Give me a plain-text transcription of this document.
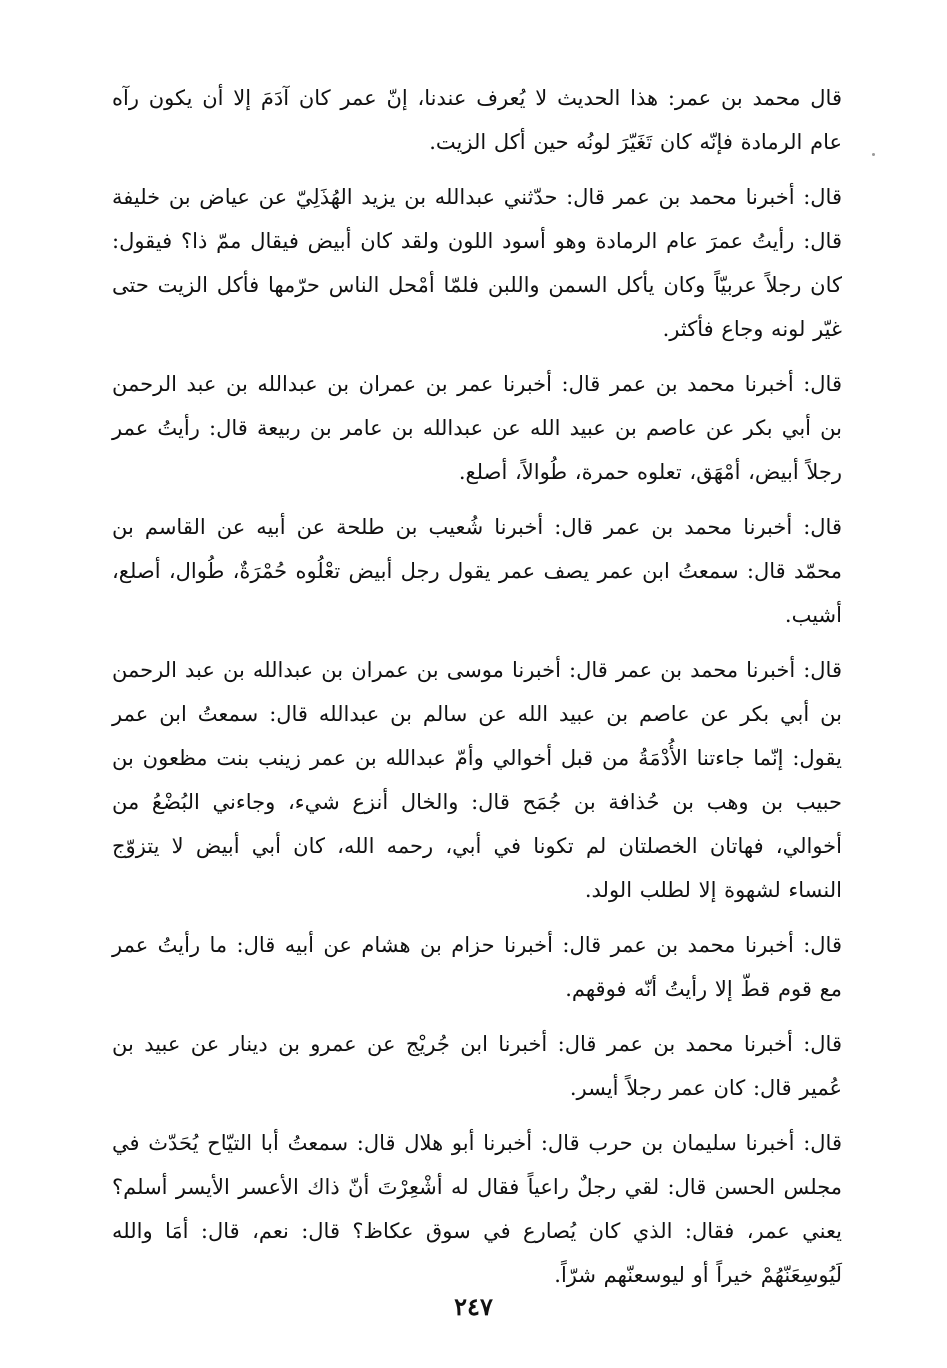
قال محمد بن عمر: هذا الحديث لا يُعرف عندنا، إنّ عمر كان آدَمَ إلا أن يكون رآه عام الرمادة فإنّه كان تَغَيّرَ لونُه حين أكل الزيت.

قال: أخبرنا محمد بن عمر قال: حدّثني عبدالله بن يزيد الهُذَلِيّ عن عياض بن خليفة قال: رأيتُ عمرَ عام الرمادة وهو أسود اللون ولقد كان أبيض فيقال ممّ ذا؟ فيقول: كان رجلاً عربيّاً وكان يأكل السمن واللبن فلمّا أمْحل الناس حرّمها فأكل الزيت حتى غيّر لونه وجاع فأكثر.

قال: أخبرنا محمد بن عمر قال: أخبرنا عمر بن عمران بن عبدالله بن عبد الرحمن بن أبي بكر عن عاصم بن عبيد الله عن عبدالله بن عامر بن ربيعة قال: رأيتُ عمر رجلاً أبيض، أمْهَق، تعلوه حمرة، طُوالاً، أصلع.

قال: أخبرنا محمد بن عمر قال: أخبرنا شُعيب بن طلحة عن أبيه عن القاسم بن محمّد قال: سمعتُ ابن عمر يصف عمر يقول رجل أبيض تعْلُوه حُمْرَةٌ، طُوال، أصلع، أشيب.

قال: أخبرنا محمد بن عمر قال: أخبرنا موسى بن عمران بن عبدالله بن عبد الرحمن بن أبي بكر عن عاصم بن عبيد الله عن سالم بن عبدالله قال: سمعتُ ابن عمر يقول: إنّما جاءتنا الأُدْمَةُ من قبل أخوالي وأمّ عبدالله بن عمر زينب بنت مظعون بن حبيب بن وهب بن حُذافة بن جُمَح قال: والخال أنزع شيء، وجاءني البُضْعُ من أخوالي، فهاتان الخصلتان لم تكونا في أبي، رحمه الله، كان أبي أبيض لا يتزوّج النساء لشهوة إلا لطلب الولد.

قال: أخبرنا محمد بن عمر قال: أخبرنا حزام بن هشام عن أبيه قال: ما رأيتُ عمر مع قوم قطّ إلا رأيتُ أنّه فوقهم.

قال: أخبرنا محمد بن عمر قال: أخبرنا ابن جُريْج عن عمرو بن دينار عن عبيد بن عُمير قال: كان عمر رجلاً أيسر.

قال: أخبرنا سليمان بن حرب قال: أخبرنا أبو هلال قال: سمعتُ أبا التيّاح يُحَدّث في مجلس الحسن قال: لقي رجلٌ راعياً فقال له أشْعِرْتَ أنّ ذاك الأعسر الأيسر أسلم؟ يعني عمر، فقال: الذي كان يُصارع في سوق عكاظ؟ قال: نعم، قال: أمَا والله لَيُوسِعَنّهُمْ خيراً أو ليوسعنّهم شرّاً.

٢٤٧
